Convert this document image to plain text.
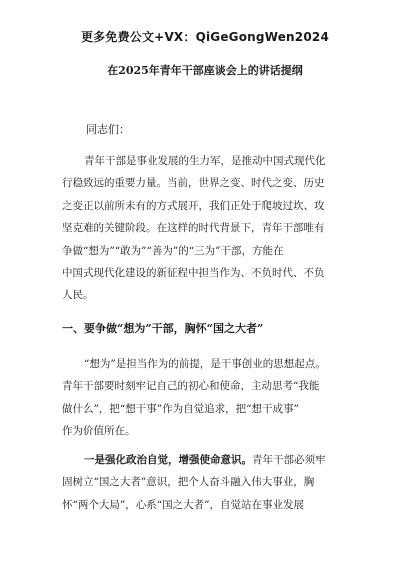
更多免费公文+VX：QiGeGongWen2024
在2025年青年干部座谈会上的讲话提纲
同志们：
青年干部是事业发展的生力军，是推动中国式现代化
行稳致远的重要力量。当前，世界之变、时代之变、历史
之变正以前所未有的方式展开，我们正处于爬坡过坎、攻
坚克难的关键阶段。在这样的时代背景下，青年干部唯有
争做“想为”“敢为”“善为”的“三为”干部，方能在
中国式现代化建设的新征程中担当作为、不负时代、不负
人民。
一、要争做“想为”干部，胸怀“国之大者”
“想为”是担当作为的前提，是干事创业的思想起点。
青年干部要时刻牢记自己的初心和使命，主动思考“我能
做什么”，把“想干事”作为自觉追求，把“想干成事”
作为价值所在。
一是强化政治自觉，增强使命意识。青年干部必须牢
固树立“国之大者”意识，把个人奋斗融入伟大事业，胸
怀“两个大局”，心系“国之大者”，自觉站在事业发展
